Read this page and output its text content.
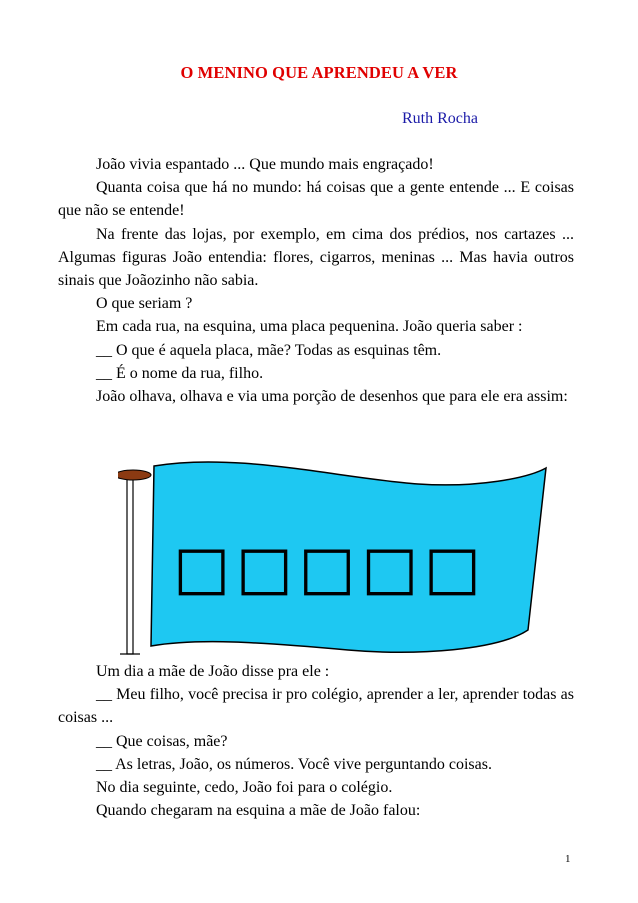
O MENINO QUE APRENDEU A VER
Ruth Rocha

João vivia espantado ... Que mundo mais engraçado!

Quanta coisa que há no mundo: há coisas que a gente entende ... E coisas que não se entende!

Na frente das lojas, por exemplo, em cima dos prédios, nos cartazes ... Algumas figuras João entendia: flores, cigarros, meninas ... Mas havia outros sinais que Joãozinho não sabia.

O que seriam ?

Em cada rua, na esquina, uma placa pequenina. João queria saber :

__ O que é aquela placa, mãe? Todas as esquinas têm.

__ É o nome da rua, filho.

João olhava, olhava e via uma porção de desenhos que para ele era assim:

□□□□□

Um dia a mãe de João disse pra ele :

__ Meu filho, você precisa ir pro colégio, aprender a ler, aprender todas as coisas ...

__ Que coisas, mãe?

__ As letras, João, os números. Você vive perguntando coisas.

No dia seguinte, cedo, João foi para o colégio.

Quando chegaram na esquina a mãe de João falou:

1
